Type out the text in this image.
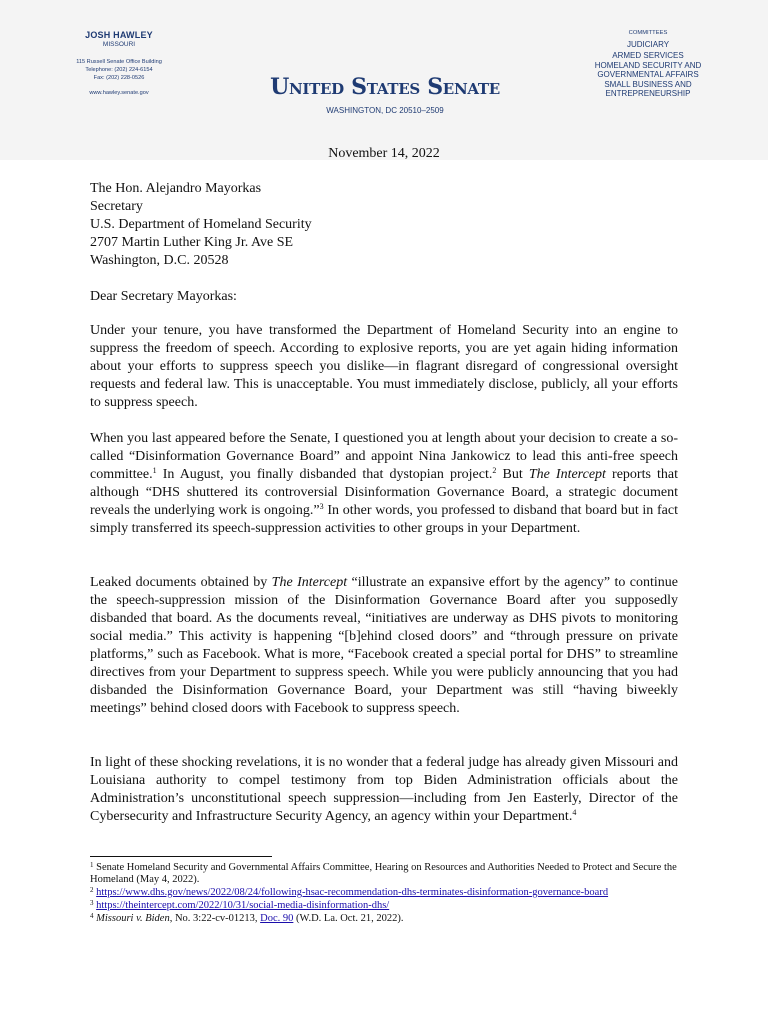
JOSH HAWLEY
MISSOURI
115 Russell Senate Office Building
Telephone: (202) 224-6154
Fax: (202) 228-0526
www.hawley.senate.gov	United States Senate
WASHINGTON, DC 20510–2509
COMMITTEES
JUDICIARY
ARMED SERVICES
HOMELAND SECURITY AND GOVERNMENTAL AFFAIRS
SMALL BUSINESS AND ENTREPRENEURSHIP
November 14, 2022
The Hon. Alejandro Mayorkas
Secretary
U.S. Department of Homeland Security
2707 Martin Luther King Jr. Ave SE
Washington, D.C. 20528
Dear Secretary Mayorkas:
Under your tenure, you have transformed the Department of Homeland Security into an engine to suppress the freedom of speech. According to explosive reports, you are yet again hiding information about your efforts to suppress speech you dislike—in flagrant disregard of congressional oversight requests and federal law. This is unacceptable. You must immediately disclose, publicly, all your efforts to suppress speech.
When you last appeared before the Senate, I questioned you at length about your decision to create a so-called “Disinformation Governance Board” and appoint Nina Jankowicz to lead this anti-free speech committee.$^1$ In August, you finally disbanded that dystopian project.$^2$ But The Intercept reports that although “DHS shuttered its controversial Disinformation Governance Board, a strategic document reveals the underlying work is ongoing.”$^3$ In other words, you professed to disband that board but in fact simply transferred its speech-suppression activities to other groups in your Department.
Leaked documents obtained by The Intercept “illustrate an expansive effort by the agency” to continue the speech-suppression mission of the Disinformation Governance Board after you supposedly disbanded that board. As the documents reveal, “initiatives are underway as DHS pivots to monitoring social media.” This activity is happening “[b]ehind closed doors” and “through pressure on private platforms,” such as Facebook. What is more, “Facebook created a special portal for DHS” to streamline directives from your Department to suppress speech. While you were publicly announcing that you had disbanded the Disinformation Governance Board, your Department was still “having biweekly meetings” behind closed doors with Facebook to suppress speech.
In light of these shocking revelations, it is no wonder that a federal judge has already given Missouri and Louisiana authority to compel testimony from top Biden Administration officials about the Administration’s unconstitutional speech suppression—including from Jen Easterly, Director of the Cybersecurity and Infrastructure Security Agency, an agency within your Department.$^4$
$^1$ Senate Homeland Security and Governmental Affairs Committee, Hearing on Resources and Authorities Needed to Protect and Secure the Homeland (May 4, 2022).
$^2$ https://www.dhs.gov/news/2022/08/24/following-hsac-recommendation-dhs-terminates-disinformation-governance-board
$^3$ https://theintercept.com/2022/10/31/social-media-disinformation-dhs/
$^4$ Missouri v. Biden, No. 3:22-cv-01213, Doc. 90 (W.D. La. Oct. 21, 2022).
